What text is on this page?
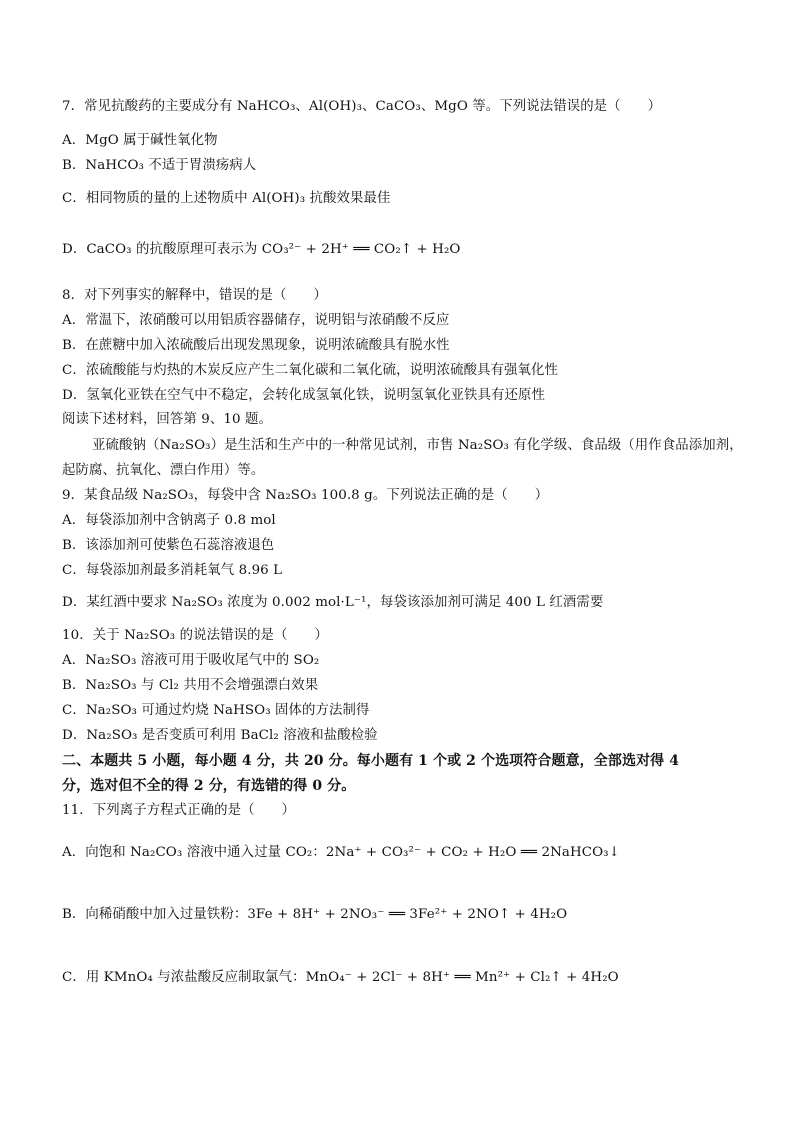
7．常见抗酸药的主要成分有 NaHCO₃、Al(OH)₃、CaCO₃、MgO 等。下列说法错误的是（　　）
A．MgO 属于碱性氧化物
B．NaHCO₃ 不适于胃溃疡病人
C．相同物质的量的上述物质中 Al(OH)₃ 抗酸效果最佳
D．CaCO₃ 的抗酸原理可表示为 CO₃²⁻ + 2H⁺ ══ CO₂↑ + H₂O
8．对下列事实的解释中，错误的是（　　）
A．常温下，浓硝酸可以用铝质容器储存，说明铝与浓硝酸不反应
B．在蔗糖中加入浓硫酸后出现发黑现象，说明浓硫酸具有脱水性
C．浓硫酸能与灼热的木炭反应产生二氧化碳和二氧化硫，说明浓硫酸具有强氧化性
D．氢氧化亚铁在空气中不稳定，会转化成氢氧化铁，说明氢氧化亚铁具有还原性
阅读下述材料，回答第 9、10 题。
亚硫酸钠（Na₂SO₃）是生活和生产中的一种常见试剂，市售 Na₂SO₃ 有化学级、食品级（用作食品添加剂，
起防腐、抗氧化、漂白作用）等。
9．某食品级 Na₂SO₃，每袋中含 Na₂SO₃ 100.8 g。下列说法正确的是（　　）
A．每袋添加剂中含钠离子 0.8 mol
B．该添加剂可使紫色石蕊溶液退色
C．每袋添加剂最多消耗氧气 8.96 L
D．某红酒中要求 Na₂SO₃ 浓度为 0.002 mol·L⁻¹，每袋该添加剂可满足 400 L 红酒需要
10．关于 Na₂SO₃ 的说法错误的是（　　）
A．Na₂SO₃ 溶液可用于吸收尾气中的 SO₂
B．Na₂SO₃ 与 Cl₂ 共用不会增强漂白效果
C．Na₂SO₃ 可通过灼烧 NaHSO₃ 固体的方法制得
D．Na₂SO₃ 是否变质可利用 BaCl₂ 溶液和盐酸检验
二、本题共 5 小题，每小题 4 分，共 20 分。每小题有 1 个或 2 个选项符合题意，全部选对得 4
分，选对但不全的得 2 分，有选错的得 0 分。
11．下列离子方程式正确的是（　　）
A．向饱和 Na₂CO₃ 溶液中通入过量 CO₂：2Na⁺ + CO₃²⁻ + CO₂ + H₂O ══ 2NaHCO₃↓
B．向稀硝酸中加入过量铁粉：3Fe + 8H⁺ + 2NO₃⁻ ══ 3Fe²⁺ + 2NO↑ + 4H₂O
C．用 KMnO₄ 与浓盐酸反应制取氯气：MnO₄⁻ + 2Cl⁻ + 8H⁺ ══ Mn²⁺ + Cl₂↑ + 4H₂O
